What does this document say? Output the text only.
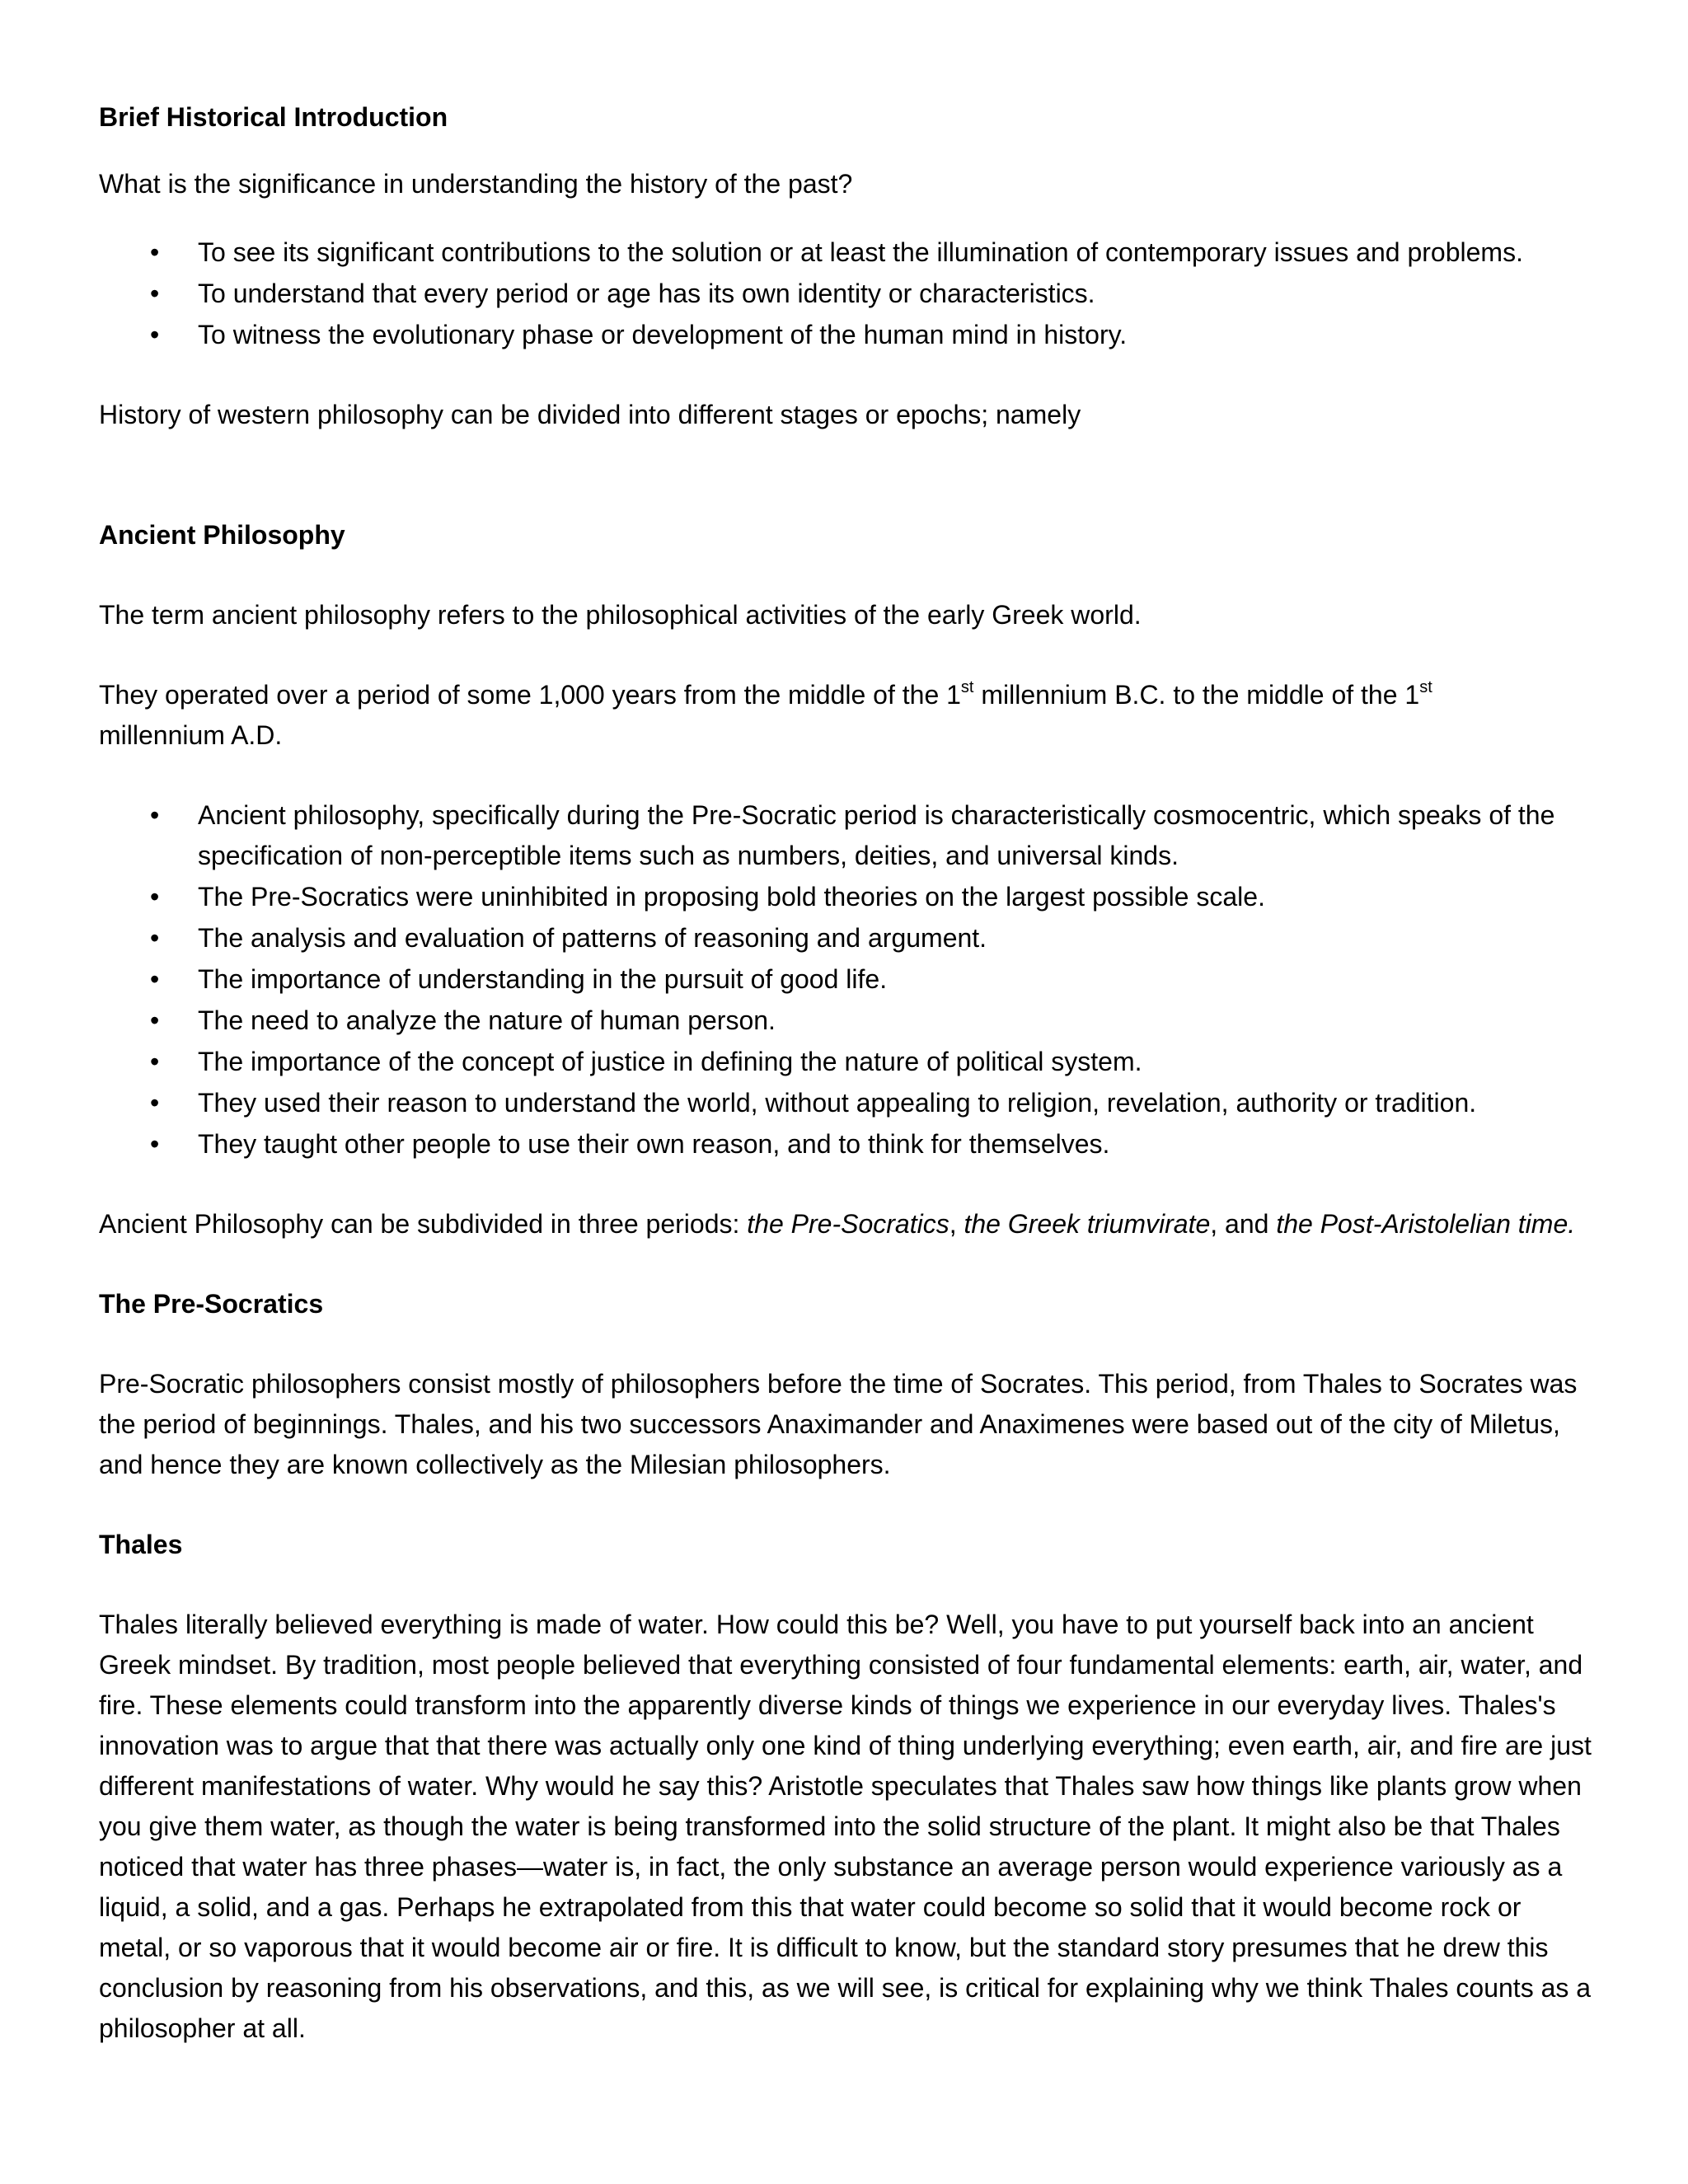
Brief Historical Introduction

What is the significance in understanding the history of the past?

• To see its significant contributions to the solution or at least the illumination of contemporary issues and problems.
• To understand that every period or age has its own identity or characteristics.
• To witness the evolutionary phase or development of the human mind in history.

History of western philosophy can be divided into different stages or epochs; namely

Ancient Philosophy

The term ancient philosophy refers to the philosophical activities of the early Greek world.

They operated over a period of some 1,000 years from the middle of the 1st millennium B.C. to the middle of the 1st
millennium A.D.

• Ancient philosophy, specifically during the Pre-Socratic period is characteristically cosmocentric, which speaks of the specification of non-perceptible items such as numbers, deities, and universal kinds.
• The Pre-Socratics were uninhibited in proposing bold theories on the largest possible scale.
• The analysis and evaluation of patterns of reasoning and argument.
• The importance of understanding in the pursuit of good life.
• The need to analyze the nature of human person.
• The importance of the concept of justice in defining the nature of political system.
• They used their reason to understand the world, without appealing to religion, revelation, authority or tradition.
• They taught other people to use their own reason, and to think for themselves.

Ancient Philosophy can be subdivided in three periods: the Pre-Socratics, the Greek triumvirate, and the Post-Aristolelian time.

The Pre-Socratics

Pre-Socratic philosophers consist mostly of philosophers before the time of Socrates. This period, from Thales to Socrates was the period of beginnings. Thales, and his two successors Anaximander and Anaximenes were based out of the city of Miletus, and hence they are known collectively as the Milesian philosophers.

Thales

Thales literally believed everything is made of water. How could this be? Well, you have to put yourself back into an ancient Greek mindset. By tradition, most people believed that everything consisted of four fundamental elements: earth, air, water, and fire. These elements could transform into the apparently diverse kinds of things we experience in our everyday lives. Thales's innovation was to argue that that there was actually only one kind of thing underlying everything; even earth, air, and fire are just different manifestations of water. Why would he say this? Aristotle speculates that Thales saw how things like plants grow when you give them water, as though the water is being transformed into the solid structure of the plant. It might also be that Thales noticed that water has three phases—water is, in fact, the only substance an average person would experience variously as a liquid, a solid, and a gas. Perhaps he extrapolated from this that water could become so solid that it would become rock or metal, or so vaporous that it would become air or fire. It is difficult to know, but the standard story presumes that he drew this conclusion by reasoning from his observations, and this, as we will see, is critical for explaining why we think Thales counts as a philosopher at all.
